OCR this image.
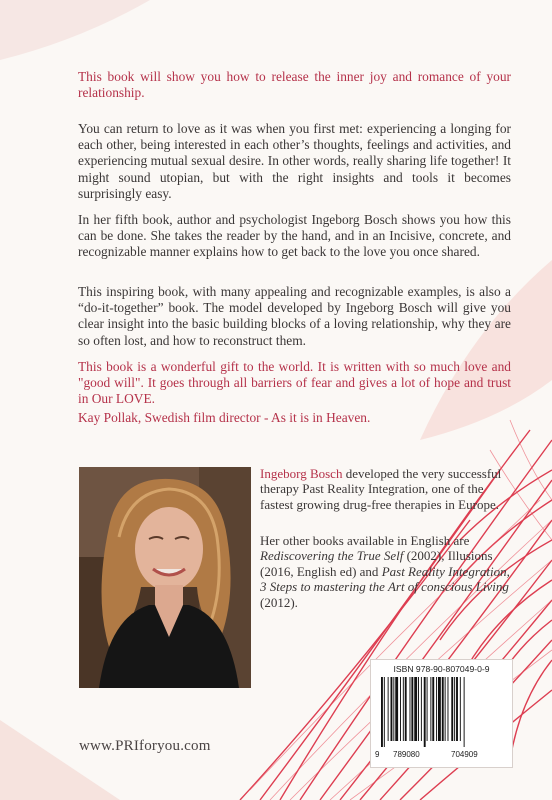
This book will show you how to release the inner joy and romance of your relationship.

You can return to love as it was when you first met: experiencing a longing for each other, being interested in each other’s thoughts, feelings and activities, and experiencing mutual sexual desire. In other words, really sharing life together! It might sound utopian, but with the right insights and tools it becomes surprisingly easy.

In her fifth book, author and psychologist Ingeborg Bosch shows you how this can be done. She takes the reader by the hand, and in an Incisive, concrete, and recognizable manner explains how to get back to the love you once shared.

This inspiring book, with many appealing and recognizable examples, is also a “do-it-together” book. The model developed by Ingeborg Bosch will give you clear insight into the basic building blocks of a loving relationship, why they are so often lost, and how to reconstruct them.

This book is a wonderful gift to the world. It is written with so much love and "good will". It goes through all barriers of fear and gives a lot of hope and trust in Our LOVE.

Kay Pollak, Swedish film director - As it is in Heaven.

Ingeborg Bosch developed the very successful therapy Past Reality Integration, one of the fastest growing drug-free therapies in Europe.

Her other books available in English are Rediscovering the True Self (2002), Illusions (2016, English ed) and Past Reality Integration, 3 Steps to mastering the Art of conscious Living (2012).

ISBN 978-90-807049-0-9
9 789080	704909
www.PRIforyou.com
